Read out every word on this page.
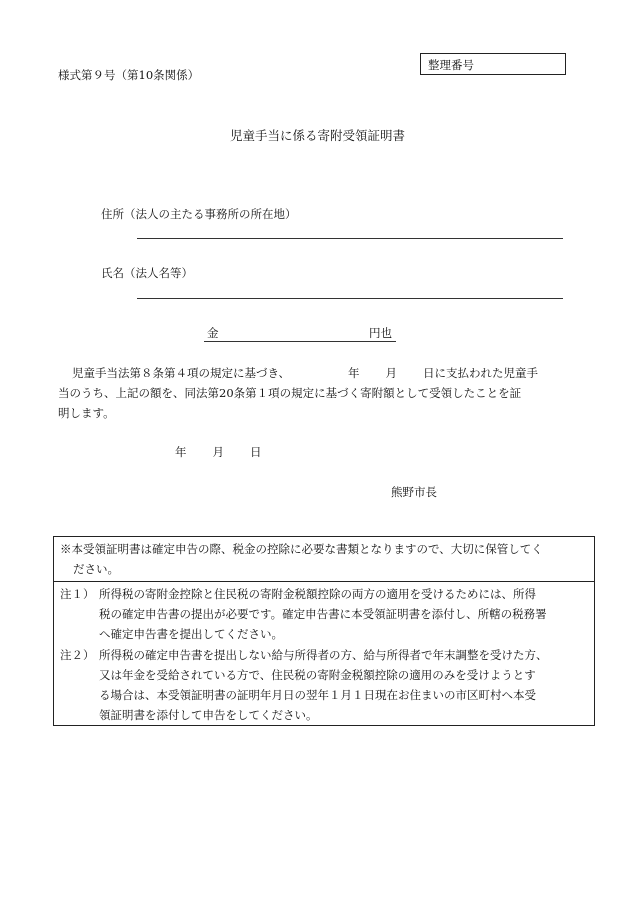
様式第９号（第10条関係）
整理番号
児童手当に係る寄附受領証明書
住所（法人の主たる事務所の所在地）
氏名（法人名等）
金	円也
児童手当法第８条第４項の規定に基づき、	年 月 日に支払われた児童手
当のうち、上記の額を、同法第20条第１項の規定に基づく寄附額として受領したことを証
明します。
年 月 日
熊野市長
※本受領証明書は確定申告の際、税金の控除に必要な書類となりますので、大切に保管してく
ださい。
注１） 所得税の寄附金控除と住民税の寄附金税額控除の両方の適用を受けるためには、所得
税の確定申告書の提出が必要です。確定申告書に本受領証明書を添付し、所轄の税務署
へ確定申告書を提出してください。
注２） 所得税の確定申告書を提出しない給与所得者の方、給与所得者で年末調整を受けた方、
又は年金を受給されている方で、住民税の寄附金税額控除の適用のみを受けようとす
る場合は、本受領証明書の証明年月日の翌年１月１日現在お住まいの市区町村へ本受
領証明書を添付して申告をしてください。
